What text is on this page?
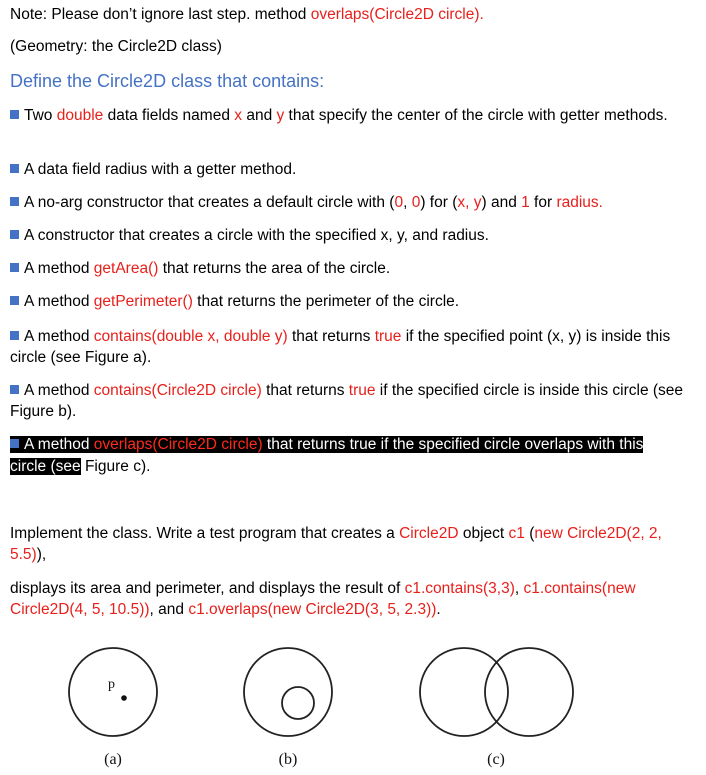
Note: Please don’t ignore last step. method overlaps(Circle2D circle).
(Geometry: the Circle2D class)
Define the Circle2D class that contains:
Two double data fields named x and y that specify the center of the circle with getter methods.
A data field radius with a getter method.
A no-arg constructor that creates a default circle with (0, 0) for (x, y) and 1 for radius.
A constructor that creates a circle with the specified x, y, and radius.
A method getArea() that returns the area of the circle.
A method getPerimeter() that returns the perimeter of the circle.
A method contains(double x, double y) that returns true if the specified point (x, y) is inside this circle (see Figure a).
A method contains(Circle2D circle) that returns true if the specified circle is inside this circle (see Figure b).
A method overlaps(Circle2D circle) that returns true if the specified circle overlaps with this
circle (see Figure c).
Implement the class. Write a test program that creates a Circle2D object c1 (new Circle2D(2, 2, 5.5)),
displays its area and perimeter, and displays the result of c1.contains(3,3), c1.contains(new Circle2D(4, 5, 10.5)), and c1.overlaps(new Circle2D(3, 5, 2.3)).
p
(a)	(b)	(c)
